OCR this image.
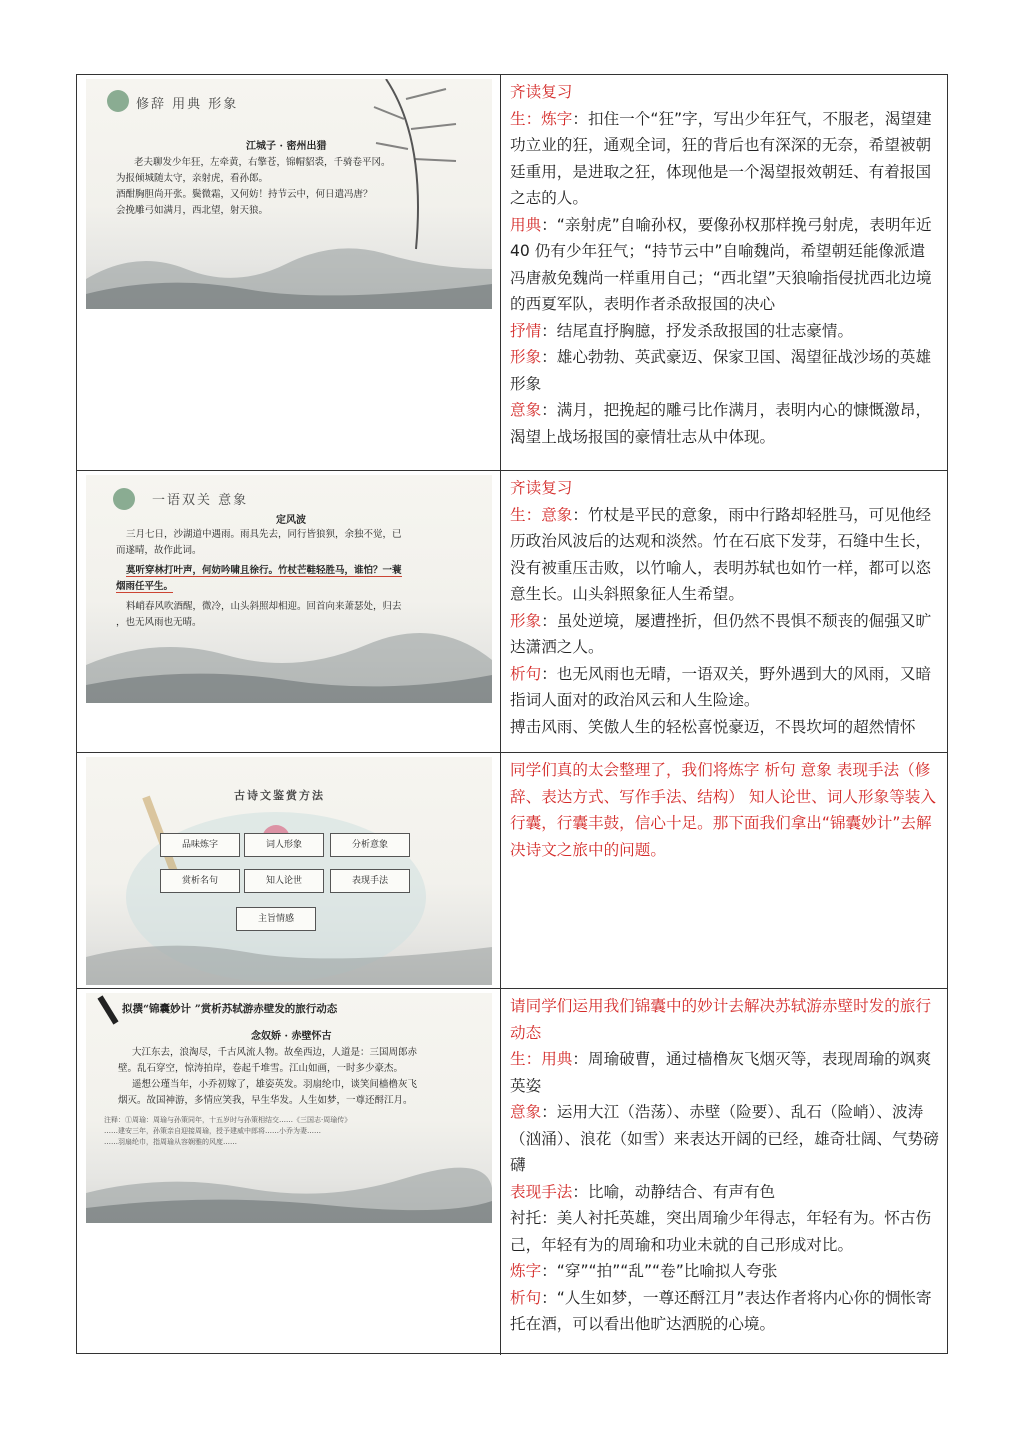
修辞 用典 形象
江城子 · 密州出猎
老夫聊发少年狂，左牵黄，右擎苍，锦帽貂裘，千骑卷平冈。
为报倾城随太守，亲射虎，看孙郎。
酒酣胸胆尚开张。鬓微霜，又何妨！持节云中，何日遣冯唐？
会挽雕弓如满月，西北望，射天狼。

齐读复习

生：炼字：扣住一个“狂”字，写出少年狂气，不服老，渴望建功立业的狂，通观全词，狂的背后也有深深的无奈，希望被朝廷重用，是进取之狂，体现他是一个渴望报效朝廷、有着报国之志的人。

用典：“亲射虎”自喻孙权，要像孙权那样挽弓射虎，表明年近 40 仍有少年狂气；“持节云中”自喻魏尚，希望朝廷能像派遣冯唐赦免魏尚一样重用自己；“西北望”天狼喻指侵扰西北边境的西夏军队，表明作者杀敌报国的决心

抒情：结尾直抒胸臆，抒发杀敌报国的壮志豪情。

形象：雄心勃勃、英武豪迈、保家卫国、渴望征战沙场的英雄形象

意象：满月，把挽起的雕弓比作满月，表明内心的慷慨激昂，渴望上战场报国的豪情壮志从中体现。

一语双关 意象
定风波
三月七日，沙湖道中遇雨。雨具先去，同行皆狼狈，余独不觉，已
而遂晴，故作此词。
莫听穿林打叶声，何妨吟啸且徐行。竹杖芒鞋轻胜马，谁怕？一蓑
烟雨任平生。
料峭春风吹酒醒，微冷，山头斜照却相迎。回首向来萧瑟处，归去
，也无风雨也无晴。

齐读复习

生：意象：竹杖是平民的意象，雨中行路却轻胜马，可见他经历政治风波后的达观和淡然。竹在石底下发芽，石缝中生长，没有被重压击败，以竹喻人，表明苏轼也如竹一样，都可以恣意生长。山头斜照象征人生希望。

形象：虽处逆境，屡遭挫折，但仍然不畏惧不颓丧的倔强又旷达潇洒之人。

析句：也无风雨也无晴，一语双关，野外遇到大的风雨，又暗指词人面对的政治风云和人生险途。

搏击风雨、笑傲人生的轻松喜悦豪迈，不畏坎坷的超然情怀

古诗文鉴赏方法
品味炼字	词人形象	分析意象
赏析名句	知人论世	表现手法
主旨情感

同学们真的太会整理了，我们将炼字 析句 意象 表现手法（修辞、表达方式、写作手法、结构） 知人论世、词人形象等装入行囊，行囊丰鼓，信心十足。那下面我们拿出“锦囊妙计”去解决诗文之旅中的问题。

拟撰“锦囊妙计 ”赏析苏轼游赤壁发的旅行动态
念奴娇 · 赤壁怀古
大江东去，浪淘尽，千古风流人物。故垒西边，人道是：三国周郎赤
壁。乱石穿空，惊涛拍岸，卷起千堆雪。江山如画，一时多少豪杰。
遥想公瑾当年，小乔初嫁了，雄姿英发。羽扇纶巾，谈笑间樯橹灰飞
烟灭。故国神游，多情应笑我，早生华发。人生如梦，一尊还酹江月。
注释：①周瑜：周瑜与孙策同年，十五岁时与孙策相结交……《三国志·周瑜传》
……建安三年，孙策亲自迎接周瑜，授予建威中郎将……小乔为妻……
……羽扇纶巾，指周瑜从容娴雅的风度……

请同学们运用我们锦囊中的妙计去解决苏轼游赤壁时发的旅行动态

生：用典：周瑜破曹，通过樯橹灰飞烟灭等，表现周瑜的飒爽英姿

意象：运用大江（浩荡）、赤壁（险要）、乱石（险峭）、波涛（汹涌）、浪花（如雪）来表达开阔的已经，雄奇壮阔、气势磅礴

表现手法：比喻，动静结合、有声有色

衬托：美人衬托英雄，突出周瑜少年得志，年轻有为。怀古伤己，年轻有为的周瑜和功业未就的自己形成对比。

炼字：“穿”“拍”“乱”“卷”比喻拟人夸张

析句：“人生如梦，一尊还酹江月”表达作者将内心你的惆怅寄托在酒，可以看出他旷达洒脱的心境。
